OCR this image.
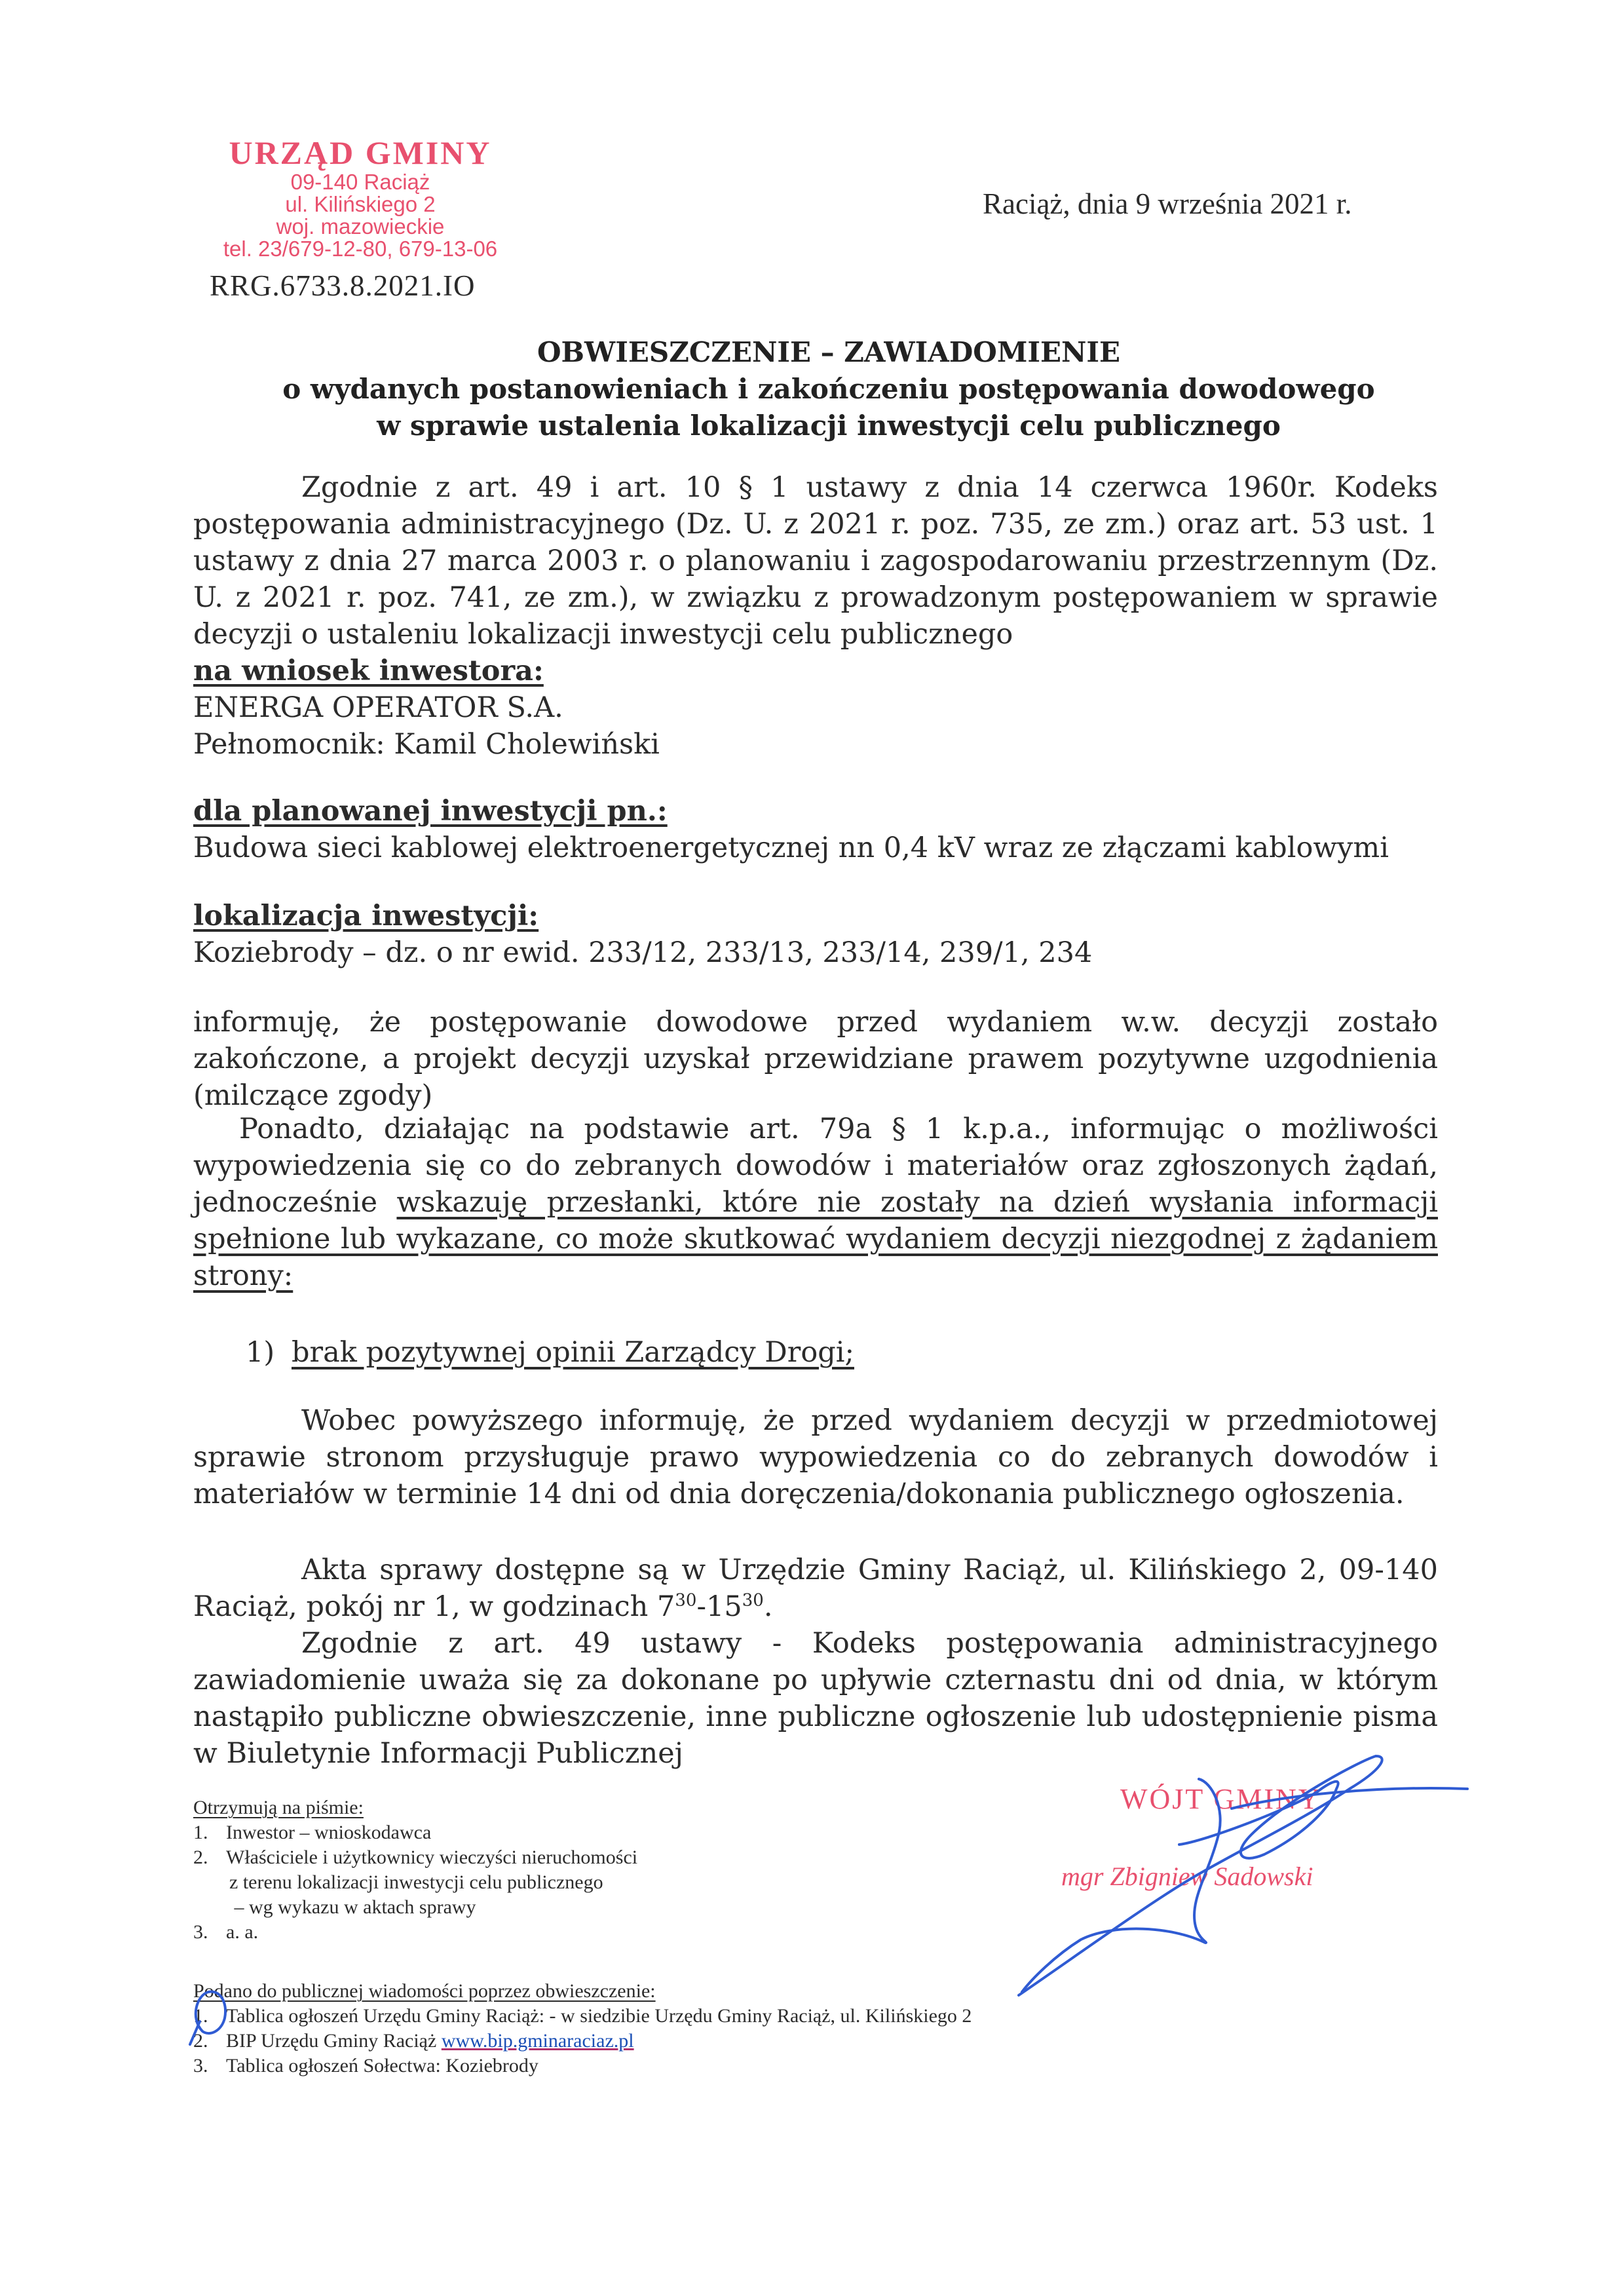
URZĄD GMINY
09-140 Raciąż
ul. Kilińskiego 2
woj. mazowieckie
tel. 23/679-12-80, 679-13-06
RRG.6733.8.2021.IO
Raciąż, dnia 9 września 2021 r.
OBWIESZCZENIE – ZAWIADOMIENIE
o wydanych postanowieniach i zakończeniu postępowania dowodowego
w sprawie ustalenia lokalizacji inwestycji celu publicznego
Zgodnie z art. 49 i art. 10 § 1 ustawy z dnia 14 czerwca 1960r. Kodeks postępowania administracyjnego (Dz. U. z 2021 r. poz. 735, ze zm.) oraz art. 53 ust. 1 ustawy z dnia 27 marca 2003 r. o planowaniu i zagospodarowaniu przestrzennym (Dz. U. z 2021 r. poz. 741, ze zm.), w związku z prowadzonym postępowaniem w sprawie decyzji o ustaleniu lokalizacji inwestycji celu publicznego
na wniosek inwestora:
ENERGA OPERATOR S.A.
Pełnomocnik: Kamil Cholewiński
dla planowanej inwestycji pn.:
Budowa sieci kablowej elektroenergetycznej nn 0,4 kV wraz ze złączami kablowymi
lokalizacja inwestycji:
Koziebrody – dz. o nr ewid. 233/12, 233/13, 233/14, 239/1, 234
informuję, że postępowanie dowodowe przed wydaniem w.w. decyzji zostało zakończone, a projekt decyzji uzyskał przewidziane prawem pozytywne uzgodnienia (milczące zgody)
Ponadto, działając na podstawie art. 79a § 1 k.p.a., informując o możliwości wypowiedzenia się co do zebranych dowodów i materiałów oraz zgłoszonych żądań, jednocześnie wskazuję przesłanki, które nie zostały na dzień wysłania informacji spełnione lub wykazane, co może skutkować wydaniem decyzji niezgodnej z żądaniem strony:
1) brak pozytywnej opinii Zarządcy Drogi;
Wobec powyższego informuję, że przed wydaniem decyzji w przedmiotowej sprawie stronom przysługuje prawo wypowiedzenia co do zebranych dowodów i materiałów w terminie 14 dni od dnia doręczenia/dokonania publicznego ogłoszenia.
Akta sprawy dostępne są w Urzędzie Gminy Raciąż, ul. Kilińskiego 2, 09-140 Raciąż, pokój nr 1, w godzinach $7^{30}-15^{30}$.
Zgodnie z art. 49 ustawy - Kodeks postępowania administracyjnego zawiadomienie uważa się za dokonane po upływie czternastu dni od dnia, w którym nastąpiło publiczne obwieszczenie, inne publiczne ogłoszenie lub udostępnienie pisma w Biuletynie Informacji Publicznej
Otrzymują na piśmie:
1. Inwestor – wnioskodawca
2. Właściciele i użytkownicy wieczyści nieruchomości
z terenu lokalizacji inwestycji celu publicznego
– wg wykazu w aktach sprawy
3. a. a.
WÓJT GMINY
mgr Zbigniew Sadowski
Podano do publicznej wiadomości poprzez obwieszczenie:
1. Tablica ogłoszeń Urzędu Gminy Raciąż: - w siedzibie Urzędu Gminy Raciąż, ul. Kilińskiego 2
2. BIP Urzędu Gminy Raciąż www.bip.gminaraciaz.pl
3. Tablica ogłoszeń Sołectwa: Koziebrody
